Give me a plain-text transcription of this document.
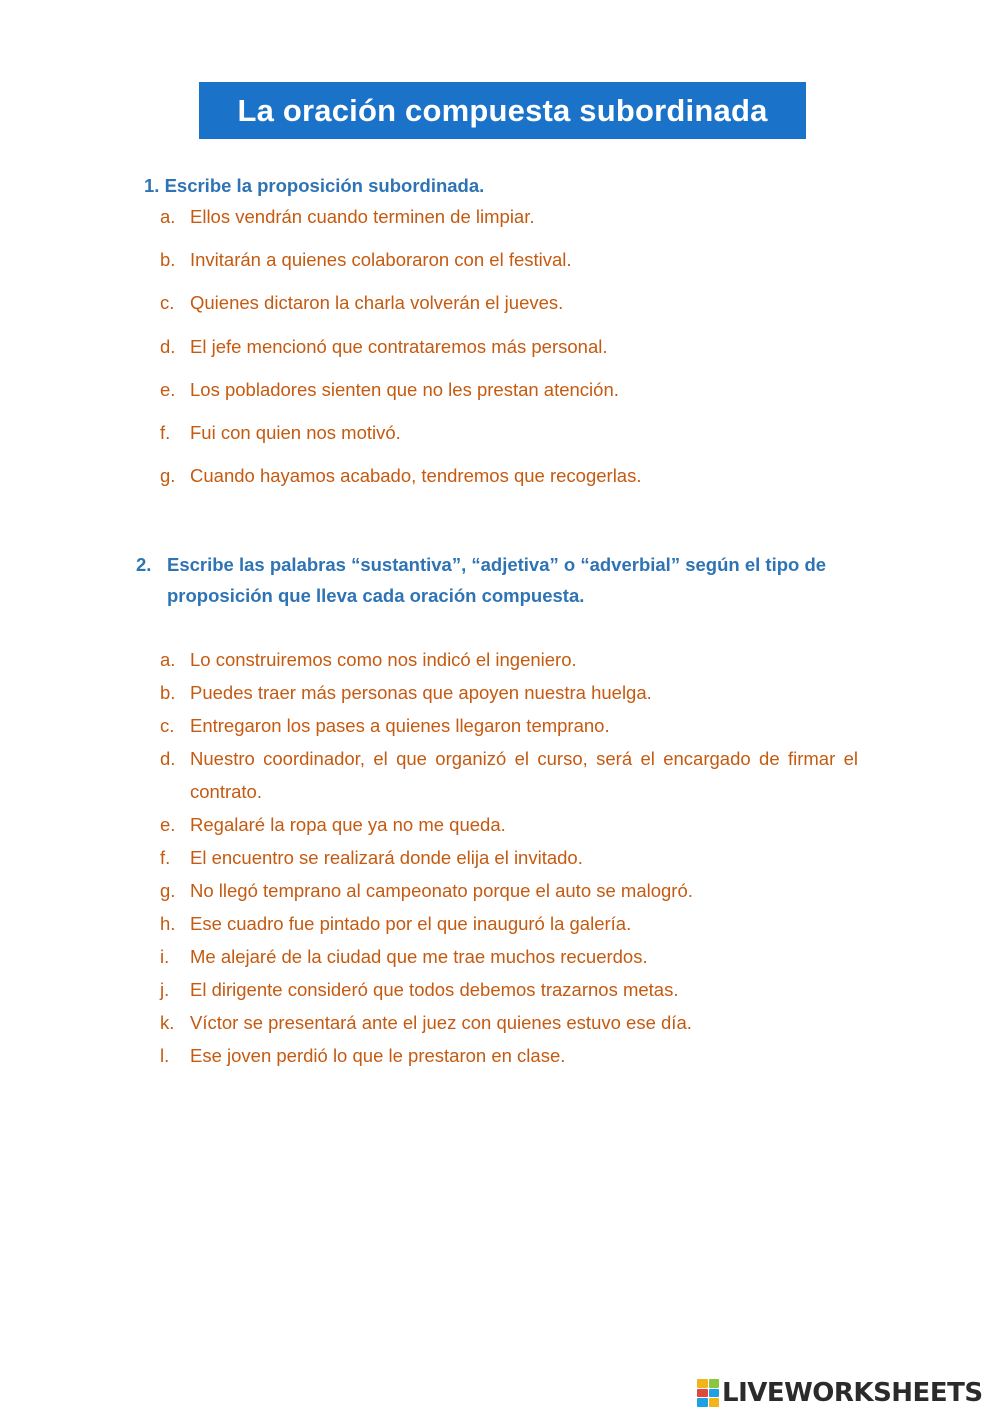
La oración compuesta subordinada
1. Escribe la proposición subordinada.
a. Ellos vendrán cuando terminen de limpiar.
b. Invitarán a quienes colaboraron con el festival.
c. Quienes dictaron la charla volverán el jueves.
d. El jefe mencionó que contrataremos más personal.
e. Los pobladores sienten que no les prestan atención.
f. Fui con quien nos motivó.
g. Cuando hayamos acabado, tendremos que recogerlas.
2. Escribe las palabras “sustantiva”, “adjetiva” o “adverbial” según el tipo de proposición que lleva cada oración compuesta.
a. Lo construiremos como nos indicó el ingeniero.
b. Puedes traer más personas que apoyen nuestra huelga.
c. Entregaron los pases a quienes llegaron temprano.
d. Nuestro coordinador, el que organizó el curso, será el encargado de firmar el contrato.
e. Regalaré la ropa que ya no me queda.
f. El encuentro se realizará donde elija el invitado.
g. No llegó temprano al campeonato porque el auto se malogró.
h. Ese cuadro fue pintado por el que inauguró la galería.
i. Me alejaré de la ciudad que me trae muchos recuerdos.
j. El dirigente consideró que todos debemos trazarnos metas.
k. Víctor se presentará ante el juez con quienes estuvo ese día.
l. Ese joven perdió lo que le prestaron en clase.
LIVEWORKSHEETS
